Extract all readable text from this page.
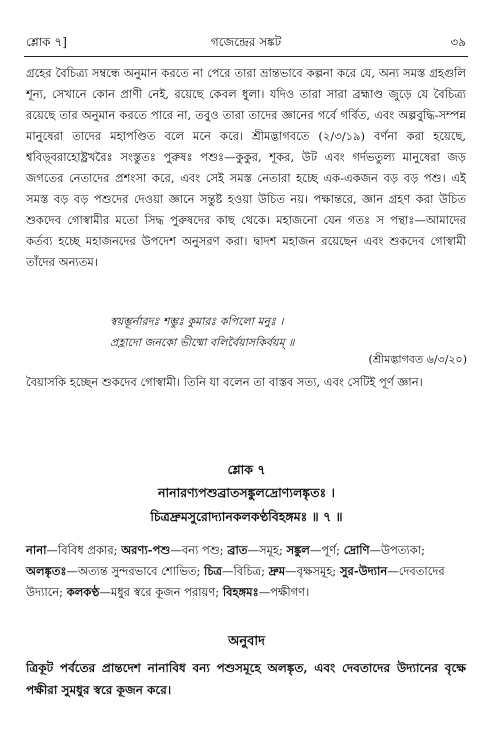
শ্লোক ৭]	গজেন্দ্রের সঙ্কট	৩৯
গ্রহের বৈচিত্র্য সম্বন্ধে অনুমান করতে না পেরে তারা ভ্রান্তভাবে কল্পনা করে যে, অন্য সমস্ত গ্রহগুলি শূন্য, সেখানে কোন প্রাণী নেই, রয়েছে কেবল ধুলা। যদিও তারা সারা ব্রহ্মাণ্ড জুড়ে যে বৈচিত্র্য রয়েছে তার অনুমান করতে পারে না, তবুও তারা তাদের জ্ঞানের গর্বে গর্বিত, এবং অল্পবুদ্ধি-সম্পন্ন মানুষেরা তাদের মহাপণ্ডিত বলে মনে করে। শ্রীমদ্ভাগবতে (২/৩/১৯) বর্ণনা করা হয়েছে, শ্ববিড়্‌বরাহোষ্ট্রখরৈঃ সংস্তুতঃ পুরুষঃ পশুঃ—কুকুর, শূকর, উট এবং গর্দভতুল্য মানুষেরা জড় জগতের নেতাদের প্রশংসা করে, এবং সেই সমস্ত নেতারা হচ্ছে এক-একজন বড় বড় পশু। এই সমস্ত বড় বড় পশুদের দেওয়া জ্ঞানে সন্তুষ্ট হওয়া উচিত নয়। পক্ষান্তরে, জ্ঞান গ্রহণ করা উচিত শুকদেব গোস্বামীর মতো সিদ্ধ পুরুষদের কাছ থেকে। মহাজনো যেন গতঃ স পন্থাঃ—আমাদের কর্তব্য হচ্ছে মহাজনদের উপদেশ অনুসরণ করা। দ্বাদশ মহাজন রয়েছেন এবং শুকদেব গোস্বামী তাঁদের অন্যতম।
স্বয়ম্ভূর্নারদঃ শম্ভুঃ কুমারঃ কপিলো মনুঃ ।
প্রহ্লাদো জনকো ভীষ্মো বলির্বৈয়াসকির্বয়ম্ ॥
(শ্রীমদ্ভাগবত ৬/৩/২০)
বৈয়াসকি হচ্ছেন শুকদেব গোস্বামী। তিনি যা বলেন তা বাস্তব সত্য, এবং সেটিই পূর্ণ জ্ঞান।
শ্লোক ৭
নানারণ্যপশুব্রাতসঙ্কুলদ্রোণ্যলঙ্কৃতঃ ।
চিত্রদ্রুমসুরোদ্যানকলকণ্ঠবিহঙ্গমঃ ॥ ৭ ॥
নানা—বিবিধ প্রকার; অরণ্য-পশু—বন্য পশু; ব্রাত—সমূহ; সঙ্কুল—পূর্ণ; দ্রোণি—উপত্যকা; অলঙ্কৃতঃ—অত্যন্ত সুন্দরভাবে শোভিত; চিত্র—বিচিত্র; দ্রুম—বৃক্ষসমূহ; সুর-উদ্যান—দেবতাদের উদ্যানে; কলকণ্ঠ—মধুর স্বরে কূজন পরায়ণ; বিহঙ্গমঃ—পক্ষীগণ।
অনুবাদ
ত্রিকূট পর্বতের প্রান্তদেশ নানাবিধ বন্য পশুসমূহে অলঙ্কৃত, এবং দেবতাদের উদ্যানের বৃক্ষে পক্ষীরা সুমধুর স্বরে কূজন করে।
